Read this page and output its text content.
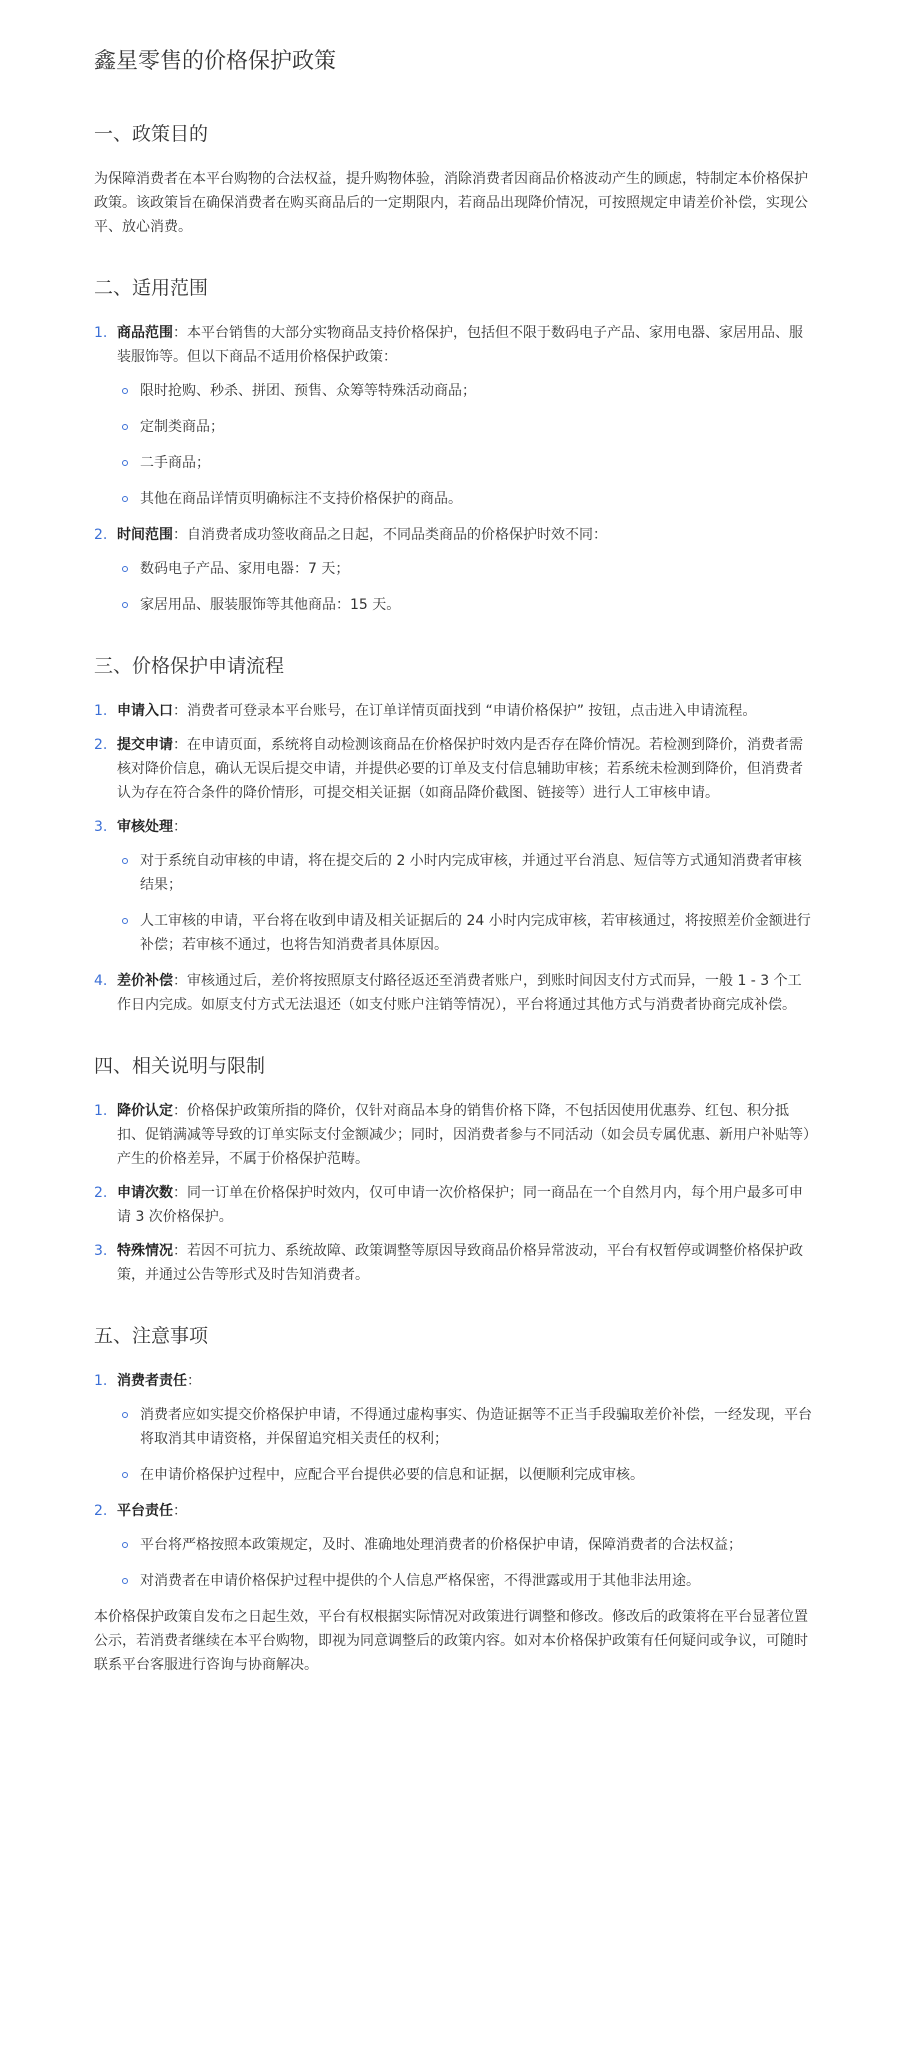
鑫星零售的价格保护政策
一、政策目的

为保障消费者在本平台购物的合法权益，提升购物体验，消除消费者因商品价格波动产生的顾虑，特制定本价格保护政策。该政策旨在确保消费者在购买商品后的一定期限内，若商品出现降价情况，可按照规定申请差价补偿，实现公平、放心消费。

二、适用范围
1. 商品范围：本平台销售的大部分实物商品支持价格保护，包括但不限于数码电子产品、家用电器、家居用品、服装服饰等。但以下商品不适用价格保护政策：
限时抢购、秒杀、拼团、预售、众筹等特殊活动商品；
定制类商品；
二手商品；
其他在商品详情页明确标注不支持价格保护的商品。
2. 时间范围：自消费者成功签收商品之日起，不同品类商品的价格保护时效不同：
数码电子产品、家用电器：7 天；
家居用品、服装服饰等其他商品：15 天。
三、价格保护申请流程
1. 申请入口：消费者可登录本平台账号，在订单详情页面找到 “申请价格保护” 按钮，点击进入申请流程。
2. 提交申请：在申请页面，系统将自动检测该商品在价格保护时效内是否存在降价情况。若检测到降价，消费者需核对降价信息，确认无误后提交申请，并提供必要的订单及支付信息辅助审核；若系统未检测到降价，但消费者认为存在符合条件的降价情形，可提交相关证据（如商品降价截图、链接等）进行人工审核申请。
3. 审核处理：
对于系统自动审核的申请，将在提交后的 2 小时内完成审核，并通过平台消息、短信等方式通知消费者审核结果；
人工审核的申请，平台将在收到申请及相关证据后的 24 小时内完成审核，若审核通过，将按照差价金额进行补偿；若审核不通过，也将告知消费者具体原因。
4. 差价补偿：审核通过后，差价将按照原支付路径返还至消费者账户，到账时间因支付方式而异，一般 1 - 3 个工作日内完成。如原支付方式无法退还（如支付账户注销等情况），平台将通过其他方式与消费者协商完成补偿。
四、相关说明与限制
1. 降价认定：价格保护政策所指的降价，仅针对商品本身的销售价格下降，不包括因使用优惠券、红包、积分抵扣、促销满减等导致的订单实际支付金额减少；同时，因消费者参与不同活动（如会员专属优惠、新用户补贴等）产生的价格差异，不属于价格保护范畴。
2. 申请次数：同一订单在价格保护时效内，仅可申请一次价格保护；同一商品在一个自然月内，每个用户最多可申请 3 次价格保护。
3. 特殊情况：若因不可抗力、系统故障、政策调整等原因导致商品价格异常波动，平台有权暂停或调整价格保护政策，并通过公告等形式及时告知消费者。
五、注意事项
1. 消费者责任：
消费者应如实提交价格保护申请，不得通过虚构事实、伪造证据等不正当手段骗取差价补偿，一经发现，平台将取消其申请资格，并保留追究相关责任的权利；
在申请价格保护过程中，应配合平台提供必要的信息和证据，以便顺利完成审核。
2. 平台责任：
平台将严格按照本政策规定，及时、准确地处理消费者的价格保护申请，保障消费者的合法权益；
对消费者在申请价格保护过程中提供的个人信息严格保密，不得泄露或用于其他非法用途。

本价格保护政策自发布之日起生效，平台有权根据实际情况对政策进行调整和修改。修改后的政策将在平台显著位置公示，若消费者继续在本平台购物，即视为同意调整后的政策内容。如对本价格保护政策有任何疑问或争议，可随时联系平台客服进行咨询与协商解决。
